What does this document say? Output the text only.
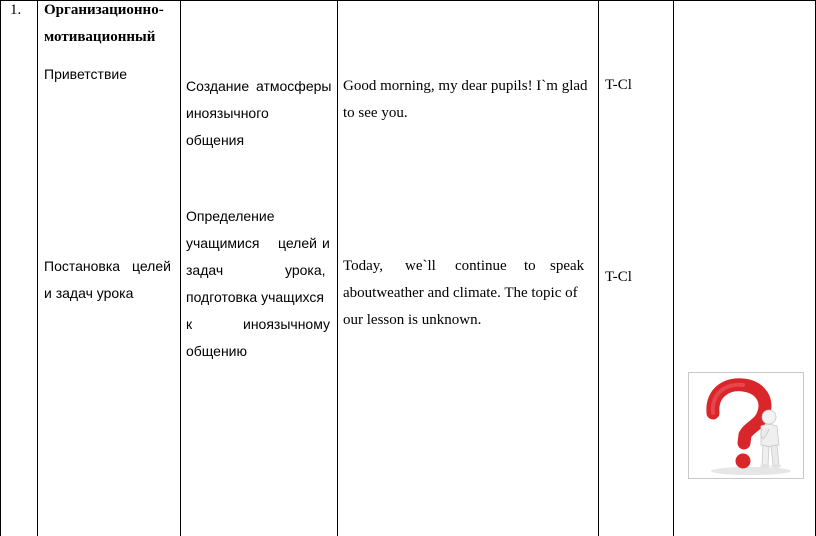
1. Организационно-
мотивационный
Приветствие
Постановка целей
и задач урока
Создание атмосферы
иноязычного
общения
Определение
учащимися целей и
задач	урока,
подготовка учащихся
к	иноязычному
общению
Good morning, my dear pupils! I`m glad
to see you.
Today, we`ll continue to speak
aboutweather and climate. The topic of
our lesson is unknown.
T-Cl
T-Cl
